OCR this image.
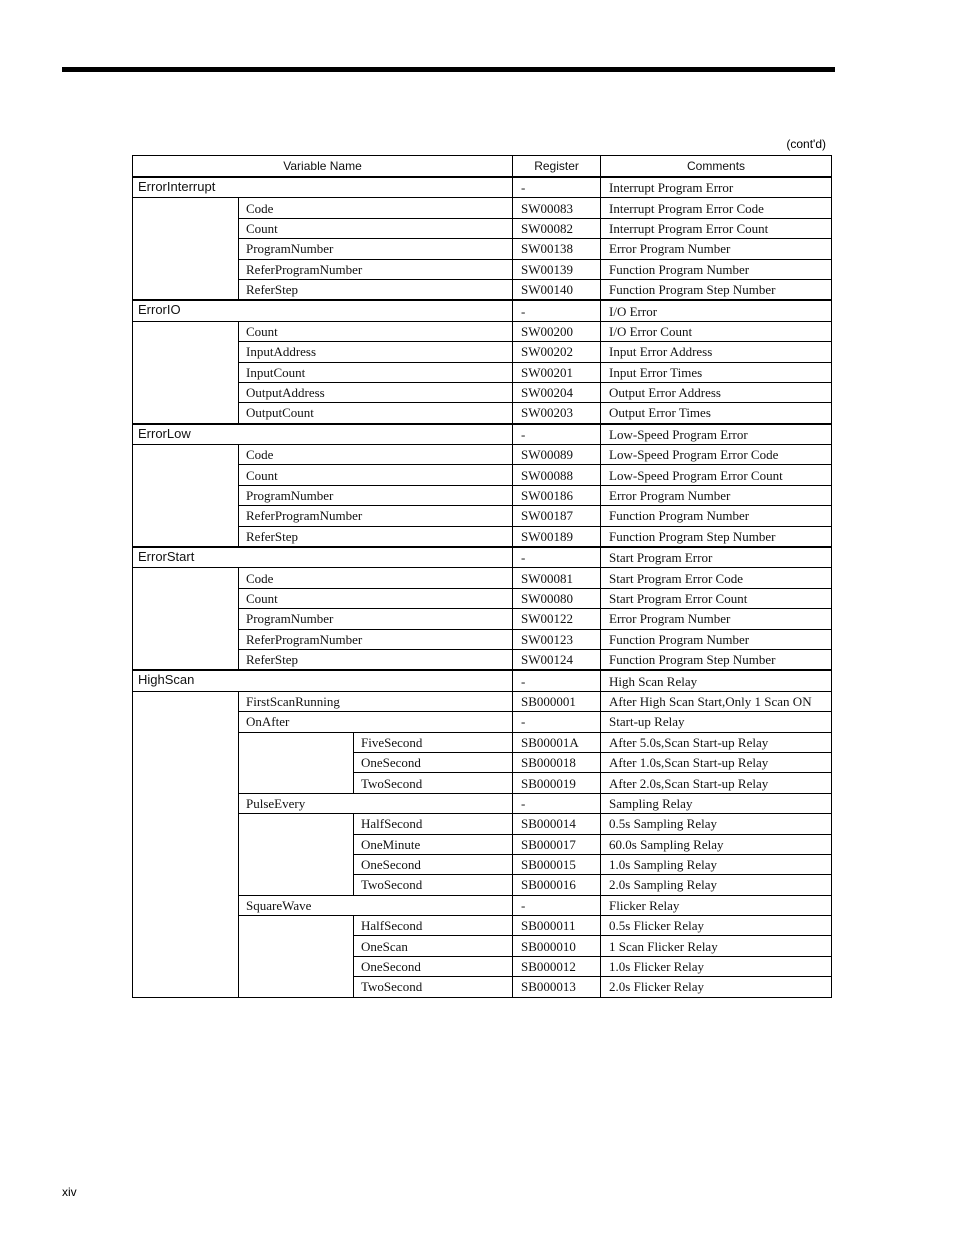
(cont'd)
Variable Name			Register	Comments
ErrorInterrupt			-	Interrupt Program Error
	Code		SW00083	Interrupt Program Error Code
	Count		SW00082	Interrupt Program Error Count
	ProgramNumber		SW00138	Error Program Number
	ReferProgramNumber		SW00139	Function Program Number
	ReferStep		SW00140	Function Program Step Number
ErrorIO			-	I/O Error
	Count		SW00200	I/O Error Count
	InputAddress		SW00202	Input Error Address
	InputCount		SW00201	Input Error Times
	OutputAddress		SW00204	Output Error Address
	OutputCount		SW00203	Output Error Times
ErrorLow			-	Low-Speed Program Error
	Code		SW00089	Low-Speed Program Error Code
	Count		SW00088	Low-Speed Program Error Count
	ProgramNumber		SW00186	Error Program Number
	ReferProgramNumber		SW00187	Function Program Number
	ReferStep		SW00189	Function Program Step Number
ErrorStart			-	Start Program Error
	Code		SW00081	Start Program Error Code
	Count		SW00080	Start Program Error Count
	ProgramNumber		SW00122	Error Program Number
	ReferProgramNumber		SW00123	Function Program Number
	ReferStep		SW00124	Function Program Step Number
HighScan			-	High Scan Relay
	FirstScanRunning		SB000001	After High Scan Start,Only 1 Scan ON
	OnAfter		-	Start-up Relay
		FiveSecond	SB00001A	After 5.0s,Scan Start-up Relay
		OneSecond	SB000018	After 1.0s,Scan Start-up Relay
		TwoSecond	SB000019	After 2.0s,Scan Start-up Relay
	PulseEvery		-	Sampling Relay
		HalfSecond	SB000014	0.5s Sampling Relay
		OneMinute	SB000017	60.0s Sampling Relay
		OneSecond	SB000015	1.0s Sampling Relay
		TwoSecond	SB000016	2.0s Sampling Relay
	SquareWave		-	Flicker Relay
		HalfSecond	SB000011	0.5s Flicker Relay
		OneScan	SB000010	1 Scan Flicker Relay
		OneSecond	SB000012	1.0s Flicker Relay
		TwoSecond	SB000013	2.0s Flicker Relay
xiv
